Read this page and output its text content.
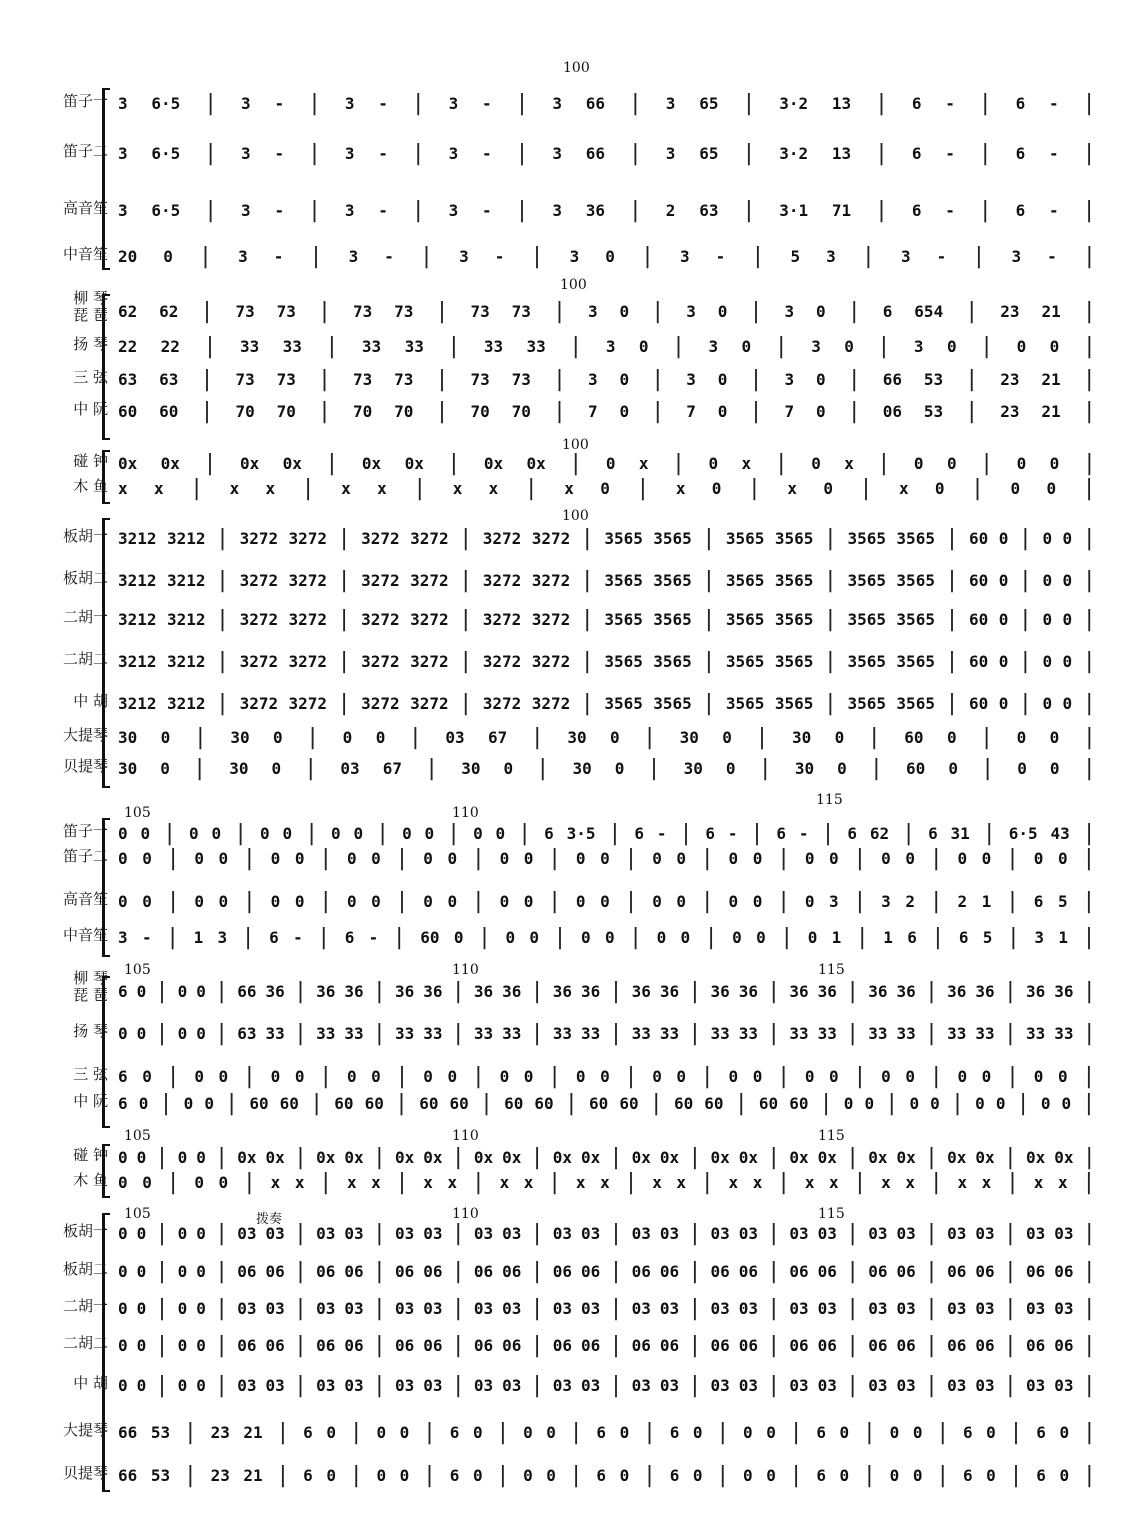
100
100
100
100
105	110
115
105	110	115
105	110	115
105	110	115
拨奏
笛子一 3 6·5 | 3 - | 3 - | 3 - | 3 66 | 3 65 | 3·2 13 | 6 - | 6 - |
笛子二 3 6·5 | 3 - | 3 - | 3 - | 3 66 | 3 65 | 3·2 13 | 6 - | 6 - |
高音笙 3 6·5 | 3 - | 3 - | 3 - | 3 36 | 2 63 | 3·1 71 | 6 - | 6 - |
中音笙 20 0 | 3 - | 3 - | 3 - | 3 0 | 3 - | 5 3 | 3 - | 3 - |
柳 琴
琵 琶 62 62 | 73 73 | 73 73 | 73 73 | 3 0 | 3 0 | 3 0 | 6 654 | 23 21 |
扬 琴 22 22 | 33 33 | 33 33 | 33 33 | 3 0 | 3 0 | 3 0 | 3 0 | 0 0 |
三 弦 63 63 | 73 73 | 73 73 | 73 73 | 3 0 | 3 0 | 3 0 | 66 53 | 23 21 |
中 阮 60 60 | 70 70 | 70 70 | 70 70 | 7 0 | 7 0 | 7 0 | 06 53 | 23 21 |
碰 钟 0x 0x | 0x 0x | 0x 0x | 0x 0x | 0 x | 0 x | 0 x | 0 0 | 0 0 |
木 鱼 x x | x x | x x | x x | x 0 | x 0 | x 0 | x 0 | 0 0 |
板胡一 3212 3212 | 3272 3272 | 3272 3272 | 3272 3272 | 3565 3565 | 3565 3565 | 3565 3565 | 60 0 | 0 0 |
板胡二 3212 3212 | 3272 3272 | 3272 3272 | 3272 3272 | 3565 3565 | 3565 3565 | 3565 3565 | 60 0 | 0 0 |
二胡一 3212 3212 | 3272 3272 | 3272 3272 | 3272 3272 | 3565 3565 | 3565 3565 | 3565 3565 | 60 0 | 0 0 |
二胡二 3212 3212 | 3272 3272 | 3272 3272 | 3272 3272 | 3565 3565 | 3565 3565 | 3565 3565 | 60 0 | 0 0 |
中 胡 3212 3212 | 3272 3272 | 3272 3272 | 3272 3272 | 3565 3565 | 3565 3565 | 3565 3565 | 60 0 | 0 0 |
大提琴 30 0 | 30 0 | 0 0 | 03 67 | 30 0 | 30 0 | 30 0 | 60 0 | 0 0 |
贝提琴 30 0 | 30 0 | 03 67 | 30 0 | 30 0 | 30 0 | 30 0 | 60 0 | 0 0 |
笛子一 0 0 | 0 0 | 0 0 | 0 0 | 0 0 | 0 0 | 6 3·5 | 6 - | 6 - | 6 - | 6 62 | 6 31 | 6·5 43 |
笛子二 0 0 | 0 0 | 0 0 | 0 0 | 0 0 | 0 0 | 0 0 | 0 0 | 0 0 | 0 0 | 0 0 | 0 0 | 0 0 |
高音笙 0 0 | 0 0 | 0 0 | 0 0 | 0 0 | 0 0 | 0 0 | 0 0 | 0 0 | 0 3 | 3 2 | 2 1 | 6 5 |
中音笙 3 - | 1 3 | 6 - | 6 - | 60 0 | 0 0 | 0 0 | 0 0 | 0 0 | 0 1 | 1 6 | 6 5 | 3 1 |
柳 琴
琵 琶 6 0 | 0 0 | 66 36 | 36 36 | 36 36 | 36 36 | 36 36 | 36 36 | 36 36 | 36 36 | 36 36 | 36 36 | 36 36 |
扬 琴 0 0 | 0 0 | 63 33 | 33 33 | 33 33 | 33 33 | 33 33 | 33 33 | 33 33 | 33 33 | 33 33 | 33 33 | 33 33 |
三 弦 6 0 | 0 0 | 0 0 | 0 0 | 0 0 | 0 0 | 0 0 | 0 0 | 0 0 | 0 0 | 0 0 | 0 0 | 0 0 |
中 阮 6 0 | 0 0 | 60 60 | 60 60 | 60 60 | 60 60 | 60 60 | 60 60 | 60 60 | 0 0 | 0 0 | 0 0 | 0 0 |
碰 钟 0 0 | 0 0 | 0x 0x | 0x 0x | 0x 0x | 0x 0x | 0x 0x | 0x 0x | 0x 0x | 0x 0x | 0x 0x | 0x 0x | 0x 0x |
木 鱼 0 0 | 0 0 | x x | x x | x x | x x | x x | x x | x x | x x | x x | x x | x x |
板胡一 0 0 | 0 0 | 03 03 | 03 03 | 03 03 | 03 03 | 03 03 | 03 03 | 03 03 | 03 03 | 03 03 | 03 03 | 03 03 |
板胡二 0 0 | 0 0 | 06 06 | 06 06 | 06 06 | 06 06 | 06 06 | 06 06 | 06 06 | 06 06 | 06 06 | 06 06 | 06 06 |
二胡一 0 0 | 0 0 | 03 03 | 03 03 | 03 03 | 03 03 | 03 03 | 03 03 | 03 03 | 03 03 | 03 03 | 03 03 | 03 03 |
二胡二 0 0 | 0 0 | 06 06 | 06 06 | 06 06 | 06 06 | 06 06 | 06 06 | 06 06 | 06 06 | 06 06 | 06 06 | 06 06 |
中 胡 0 0 | 0 0 | 03 03 | 03 03 | 03 03 | 03 03 | 03 03 | 03 03 | 03 03 | 03 03 | 03 03 | 03 03 | 03 03 |
大提琴 66 53 | 23 21 | 6 0 | 0 0 | 6 0 | 0 0 | 6 0 | 6 0 | 0 0 | 6 0 | 0 0 | 6 0 | 6 0 |
贝提琴 66 53 | 23 21 | 6 0 | 0 0 | 6 0 | 0 0 | 6 0 | 6 0 | 0 0 | 6 0 | 0 0 | 6 0 | 6 0 |
